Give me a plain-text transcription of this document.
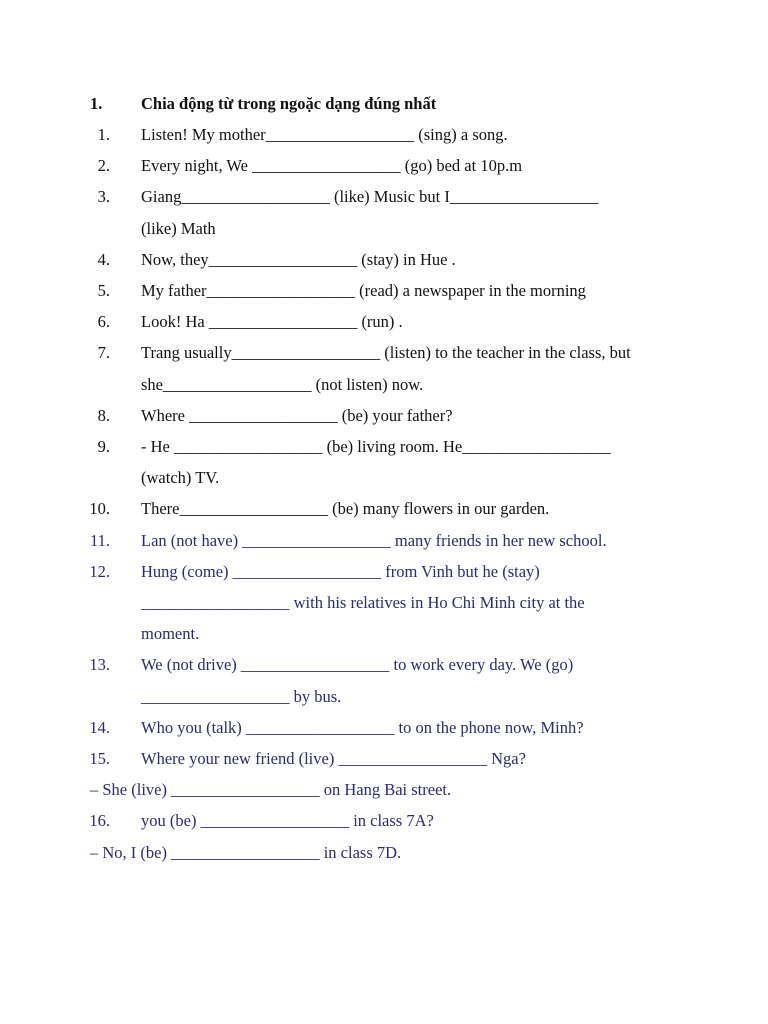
1. Chia động từ trong ngoặc dạng đúng nhất
1. Listen! My mother__________________ (sing) a song.
2. Every night, We __________________ (go) bed at 10p.m
3. Giang__________________ (like) Music but I__________________
(like) Math
4. Now, they__________________ (stay) in Hue .
5. My father__________________ (read) a newspaper in the morning
6. Look! Ha __________________ (run) .
7. Trang usually__________________ (listen) to the teacher in the class, but
she__________________ (not listen) now.
8. Where __________________ (be) your father?
9. - He __________________ (be) living room. He__________________
(watch) TV.
10. There__________________ (be) many flowers in our garden.
11. Lan (not have) __________________ many friends in her new school.
12. Hung (come) __________________ from Vinh but he (stay)
__________________ with his relatives in Ho Chi Minh city at the
moment.
13. We (not drive) __________________ to work every day. We (go)
__________________ by bus.
14. Who you (talk) __________________ to on the phone now, Minh?
15. Where your new friend (live) __________________ Nga?
– She (live) __________________ on Hang Bai street.
16. you (be) __________________ in class 7A?
– No, I (be) __________________ in class 7D.
